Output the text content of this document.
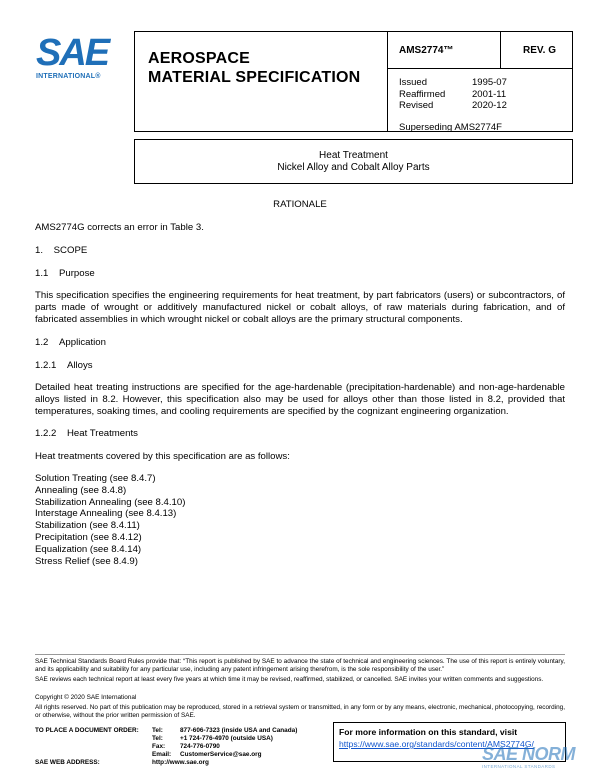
SAE
INTERNATIONAL®
AEROSPACE
MATERIAL SPECIFICATION
AMS2774™	REV. G
Issued	1995-07
Reaffirmed	2001-11
Revised	2020-12
Superseding AMS2774F
Heat Treatment
Nickel Alloy and Cobalt Alloy Parts
RATIONALE
AMS2774G corrects an error in Table 3.
1.    SCOPE
1.1    Purpose
This specification specifies the engineering requirements for heat treatment, by part fabricators (users) or subcontractors, of parts made of wrought or additively manufactured nickel or cobalt alloys, of raw materials during fabrication, and of fabricated assemblies in which wrought nickel or cobalt alloys are the primary structural components.
1.2    Application
1.2.1    Alloys
Detailed heat treating instructions are specified for the age-hardenable (precipitation-hardenable) and non-age-hardenable alloys listed in 8.2. However, this specification also may be used for alloys other than those listed in 8.2, provided that temperatures, soaking times, and cooling requirements are specified by the cognizant engineering organization.
1.2.2    Heat Treatments
Heat treatments covered by this specification are as follows:
Solution Treating (see 8.4.7)
Annealing (see 8.4.8)
Stabilization Annealing (see 8.4.10)
Interstage Annealing (see 8.4.13)
Stabilization (see 8.4.11)
Precipitation (see 8.4.12)
Equalization (see 8.4.14)
Stress Relief (see 8.4.9)
SAE Technical Standards Board Rules provide that: “This report is published by SAE to advance the state of technical and engineering sciences. The use of this report is entirely voluntary, and its applicability and suitability for any particular use, including any patent infringement arising therefrom, is the sole responsibility of the user.”
SAE reviews each technical report at least every five years at which time it may be revised, reaffirmed, stabilized, or cancelled. SAE invites your written comments and suggestions.
Copyright © 2020 SAE International
All rights reserved. No part of this publication may be reproduced, stored in a retrieval system or transmitted, in any form or by any means, electronic, mechanical, photocopying, recording, or otherwise, without the prior written permission of SAE.
TO PLACE A DOCUMENT ORDER: Tel:	877-606-7323 (inside USA and Canada)
Tel:	+1 724-776-4970 (outside USA)
Fax: 724-776-0790
Email: CustomerService@sae.org
SAE WEB ADDRESS:	http://www.sae.org
For more information on this standard, visit
https://www.sae.org/standards/content/AMS2774G/
SAE NORM
INTERNATIONAL STANDARDS
